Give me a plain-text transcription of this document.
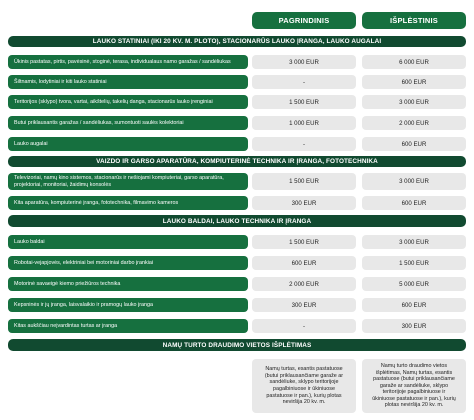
PAGRINDINIS	IŠPLĖSTINIS
LAUKO STATINIAI (IKI 20 KV. M. PLOTO), STACIONARŪS LAUKO ĮRANGA, LAUKO AUGALAI
Ūkinis pastatas, pirtis, pavėsinė, stoginė, terasa, individualaus namo garažas / sandėliukas	3 000 EUR	6 000 EUR
Šiltnamis, lodytiniai ir kiti lauko statiniai	-	600 EUR
Teritorijos (sklypo) tvora, vartai, aikštelių, takelių danga, stacionarūs lauko įrenginiai	1 500 EUR	3 000 EUR
Butui priklausantis garažas / sandėliukas, sumontuoti saulės kolektoriai	1 000 EUR	2 000 EUR
Lauko augalai	-	600 EUR
VAIZDO IR GARSO APARATŪRA, KOMPIUTERINĖ TECHNIKA IR ĮRANGA, FOTOTECHNIKA
Televizoriai, namų kino sistemos, stacionarūs ir nešiojami kompiuteriai, garso aparatūra, projektoriai, monitoriai, žaidimų konsolės	1 500 EUR	3 000 EUR
Kita aparatūra, kompiuterinė įranga, fototechnika, filmavimo kameros	300 EUR	600 EUR
LAUKO BALDAI, LAUKO TECHNIKA IR ĮRANGA
Lauko baldai	1 500 EUR	3 000 EUR
Robotai-vejapjovės, elektriniai bei motoriniai darbo įrankiai	600 EUR	1 500 EUR
Motorinė savaeigė kiemo priežiūros technika	2 000 EUR	5 000 EUR
Kepsninės ir jų įranga, laisvalaikio ir pramogų lauko įranga	300 EUR	600 EUR
Kitas aukščiau neįvardintas turtas ar įranga	-	300 EUR
NAMŲ TURTO DRAUDIMO VIETOS IŠPLĖTIMAS
Namų turtas, esantis pastatuose (butui priklausančiame garaže ar sandėliuke, sklypo teritorijoje pagalbiniuose ir ūkiniuose pastatuose ir pan.), kurių plotas neviršija 20 kv. m.
Namų turto draudimo vietos išplėtimas, Namų turtas, esantis pastatuose (butui priklausančiame garaže ar sandėliuke, sklypo teritorijoje pagalbiniuose ir ūkiniuose pastatuose ir pan.), kurių plotas neviršija 20 kv. m.
